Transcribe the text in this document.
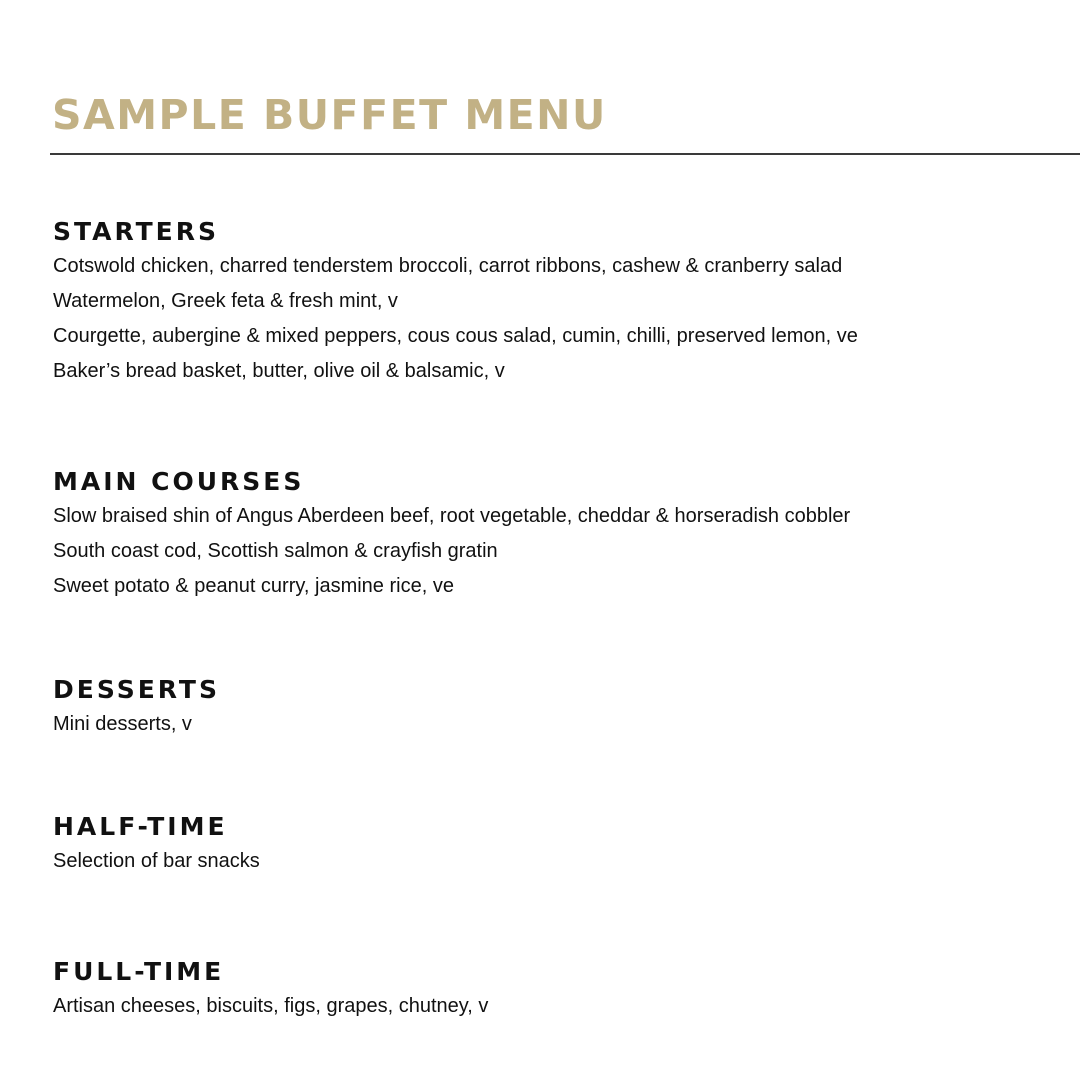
SAMPLE BUFFET MENU
STARTERS

Cotswold chicken, charred tenderstem broccoli, carrot ribbons, cashew & cranberry salad

Watermelon, Greek feta & fresh mint, v

Courgette, aubergine & mixed peppers, cous cous salad, cumin, chilli, preserved lemon, ve

Baker’s bread basket, butter, olive oil & balsamic, v

MAIN COURSES

Slow braised shin of Angus Aberdeen beef, root vegetable, cheddar & horseradish cobbler

South coast cod, Scottish salmon & crayfish gratin

Sweet potato & peanut curry, jasmine rice, ve

DESSERTS

Mini desserts, v

HALF-TIME

Selection of bar snacks

FULL-TIME

Artisan cheeses, biscuits, figs, grapes, chutney, v
